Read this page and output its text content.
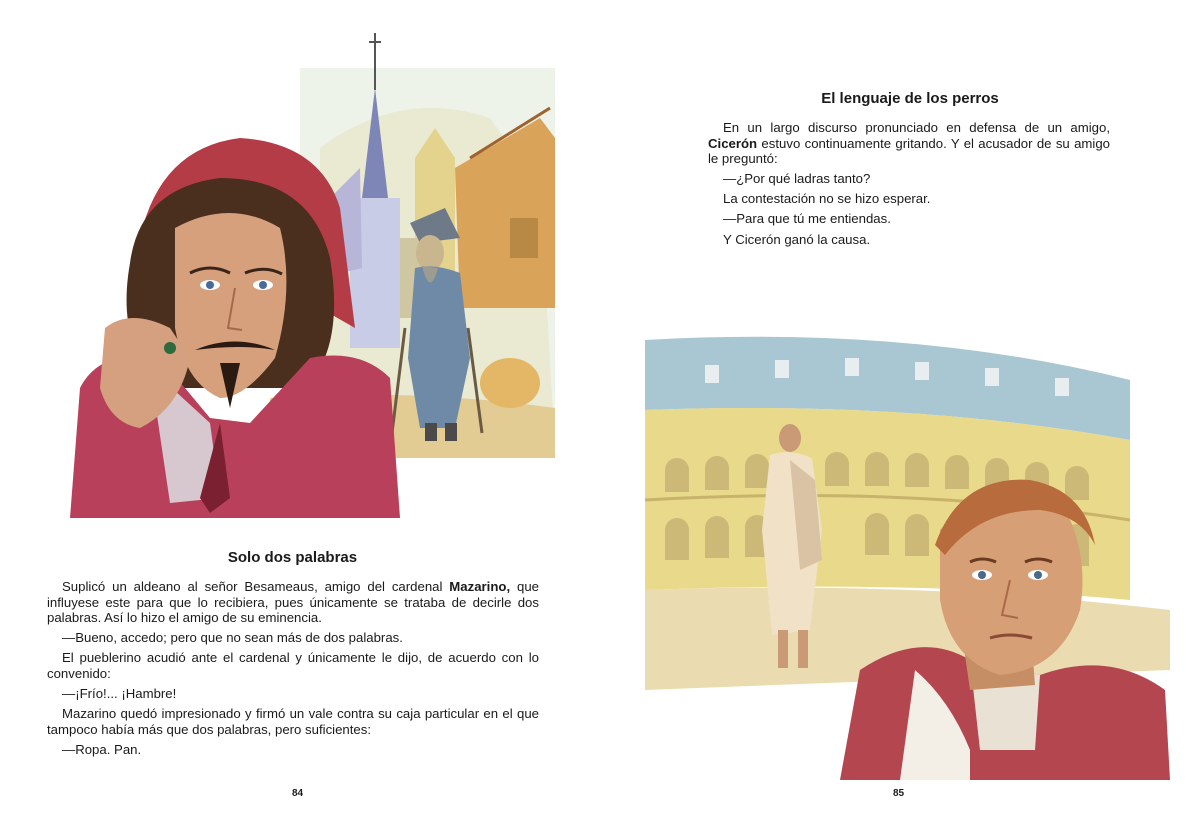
Solo dos palabras

Suplicó un aldeano al señor Besameaus, amigo del cardenal Mazarino, que influyese este para que lo recibiera, pues únicamente se trataba de decirle dos palabras. Así lo hizo el amigo de su eminencia.

—Bueno, accedo; pero que no sean más de dos palabras.

El pueblerino acudió ante el cardenal y únicamente le dijo, de acuerdo con lo convenido:

—¡Frío!... ¡Hambre!

Mazarino quedó impresionado y firmó un vale contra su caja particular en el que tampoco había más que dos palabras, pero suficientes:

—Ropa. Pan.

84
El lenguaje de los perros

En un largo discurso pronunciado en defensa de un amigo, Cicerón estuvo continuamente gritando. Y el acusador de su amigo le preguntó:

—¿Por qué ladras tanto?

La contestación no se hizo esperar.

—Para que tú me entiendas.

Y Cicerón ganó la causa.

85
